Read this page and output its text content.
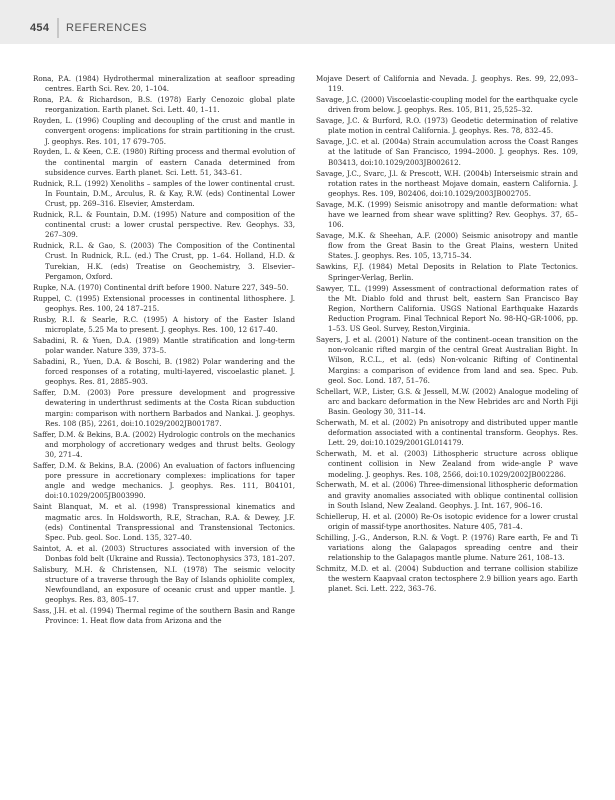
454 REFERENCES

Rona, P.A. (1984) Hydrothermal mineralization at seafloor spreading centres. Earth Sci. Rev. 20, 1–104.

Rona, P.A. & Richardson, B.S. (1978) Early Cenozoic global plate reorganization. Earth planet. Sci. Lett. 40, 1–11.

Royden, L. (1996) Coupling and decoupling of the crust and mantle in convergent orogens: implications for strain partitioning in the crust. J. geophys. Res. 101, 17 679–705.

Royden, L. & Keen, C.E. (1980) Rifting process and thermal evolution of the continental margin of eastern Canada determined from subsidence curves. Earth planet. Sci. Lett. 51, 343–61.

Rudnick, R.L. (1992) Xenoliths – samples of the lower continental crust. In Fountain, D.M., Arculus, R. & Kay, R.W. (eds) Continental Lower Crust, pp. 269–316. Elsevier, Amsterdam.

Rudnick, R.L. & Fountain, D.M. (1995) Nature and composition of the continental crust: a lower crustal perspective. Rev. Geophys. 33, 267–309.

Rudnick, R.L. & Gao, S. (2003) The Composition of the Continental Crust. In Rudnick, R.L. (ed.) The Crust, pp. 1–64. Holland, H.D. & Turekian, H.K. (eds) Treatise on Geochemistry, 3. Elsevier–Pergamon, Oxford.

Rupke, N.A. (1970) Continental drift before 1900. Nature 227, 349–50.

Ruppel, C. (1995) Extensional processes in continental lithosphere. J. geophys. Res. 100, 24 187–215.

Rusby, R.I. & Searle, R.C. (1995) A history of the Easter Island microplate, 5.25 Ma to present. J. geophys. Res. 100, 12 617–40.

Sabadini, R. & Yuen, D.A. (1989) Mantle stratification and long-term polar wander. Nature 339, 373–5.

Sabadini, R., Yuen, D.A. & Boschi, B. (1982) Polar wandering and the forced responses of a rotating, multi-layered, viscoelastic planet. J. geophys. Res. 81, 2885–903.

Saffer, D.M. (2003) Pore pressure development and progressive dewatering in underthrust sediments at the Costa Rican subduction margin: comparison with northern Barbados and Nankai. J. geophys. Res. 108 (B5), 2261, doi:10.1029/2002JB001787.

Saffer, D.M. & Bekins, B.A. (2002) Hydrologic controls on the mechanics and morphology of accretionary wedges and thrust belts. Geology 30, 271–4.

Saffer, D.M. & Bekins, B.A. (2006) An evaluation of factors influencing pore pressure in accretionary complexes: implications for taper angle and wedge mechanics. J. geophys. Res. 111, B04101, doi:10.1029/2005JB003990.

Saint Blanquat, M. et al. (1998) Transpressional kinematics and magmatic arcs. In Holdsworth, R.E, Strachan, R.A. & Dewey, J.F. (eds) Continental Transpressional and Transtensional Tectonics. Spec. Pub. geol. Soc. Lond. 135, 327–40.

Saintot, A. et al. (2003) Structures associated with inversion of the Donbas fold belt (Ukraine and Russia). Tectonophysics 373, 181–207.

Salisbury, M.H. & Christensen, N.I. (1978) The seismic velocity structure of a traverse through the Bay of Islands ophiolite complex, Newfoundland, an exposure of oceanic crust and upper mantle. J. geophys. Res. 83, 805–17.

Sass, J.H. et al. (1994) Thermal regime of the southern Basin and Range Province: 1. Heat flow data from Arizona and the

Mojave Desert of California and Nevada. J. geophys. Res. 99, 22,093–119.

Savage, J.C. (2000) Viscoelastic-coupling model for the earthquake cycle driven from below. J. geophys. Res. 105, B11, 25,525–32.

Savage, J.C. & Burford, R.O. (1973) Geodetic determination of relative plate motion in central California. J. geophys. Res. 78, 832–45.

Savage, J.C. et al. (2004a) Strain accumulation across the Coast Ranges at the latitude of San Francisco, 1994–2000. J. geophys. Res. 109, B03413, doi:10.1029/2003JB002612.

Savage, J.C., Svarc, J.l. & Prescott, W.H. (2004b) Interseismic strain and rotation rates in the northeast Mojave domain, eastern California. J. geophys. Res. 109, B02406, doi:10.1029/2003JB002705.

Savage, M.K. (1999) Seismic anisotropy and mantle deformation: what have we learned from shear wave splitting? Rev. Geophys. 37, 65–106.

Savage, M.K. & Sheehan, A.F. (2000) Seismic anisotropy and mantle flow from the Great Basin to the Great Plains, western United States. J. geophys. Res. 105, 13,715–34.

Sawkins, F.J. (1984) Metal Deposits in Relation to Plate Tectonics. Springer-Verlag, Berlin.

Sawyer, T.L. (1999) Assessment of contractional deformation rates of the Mt. Diablo fold and thrust belt, eastern San Francisco Bay Region, Northern California. USGS National Earthquake Hazards Reduction Program. Final Technical Report No. 98-HQ-GR-1006, pp. 1–53. US Geol. Survey, Reston,Virginia.

Sayers, J. et al. (2001) Nature of the continent–ocean transition on the non-volcanic rifted margin of the central Great Australian Bight. In Wilson, R.C.L., et al. (eds) Non-volcanic Rifting of Continental Margins: a comparison of evidence from land and sea. Spec. Pub. geol. Soc. Lond. 187, 51–76.

Schellart, W.P., Lister, G.S. & Jessell, M.W. (2002) Analogue modeling of arc and backarc deformation in the New Hebrides arc and North Fiji Basin. Geology 30, 311–14.

Scherwath, M. et al. (2002) Pn anisotropy and distributed upper mantle deformation associated with a continental transform. Geophys. Res. Lett. 29, doi:10.1029/2001GL014179.

Scherwath, M. et al. (2003) Lithospheric structure across oblique continent collision in New Zealand from wide-angle P wave modeling. J. geophys. Res. 108, 2566, doi:10.1029/2002JB002286.

Scherwath, M. et al. (2006) Three-dimensional lithospheric deformation and gravity anomalies associated with oblique continental collision in South Island, New Zealand. Geophys. J. Int. 167, 906–16.

Schiellerup, H. et al. (2000) Re-Os isotopic evidence for a lower crustal origin of massif-type anorthosites. Nature 405, 781–4.

Schilling, J.-G., Anderson, R.N. & Vogt. P. (1976) Rare earth, Fe and Ti variations along the Galapagos spreading centre and their relationship to the Galapagos mantle plume. Nature 261, 108–13.

Schmitz, M.D. et al. (2004) Subduction and terrane collision stabilize the western Kaapvaal craton tectosphere 2.9 billion years ago. Earth planet. Sci. Lett. 222, 363–76.
